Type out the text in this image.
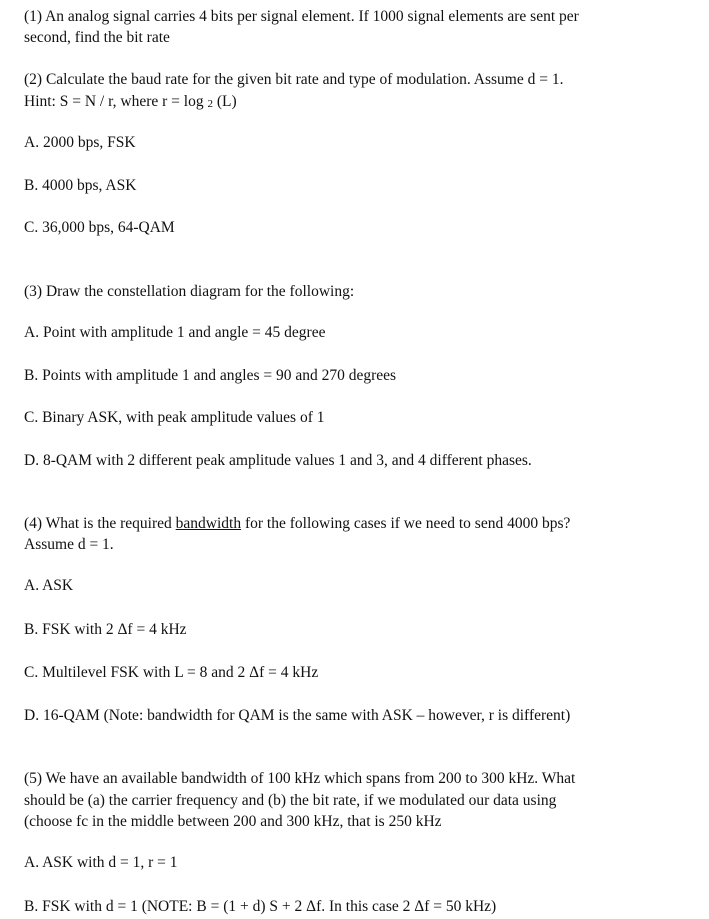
(1) An analog signal carries 4 bits per signal element. If 1000 signal elements are sent per
second, find the bit rate
(2) Calculate the baud rate for the given bit rate and type of modulation. Assume d = 1.
Hint: S = N / r, where r = log 2 (L)
A. 2000 bps, FSK
B. 4000 bps, ASK
C. 36,000 bps, 64-QAM
(3) Draw the constellation diagram for the following:
A. Point with amplitude 1 and angle = 45 degree
B. Points with amplitude 1 and angles = 90 and 270 degrees
C. Binary ASK, with peak amplitude values of 1
D. 8-QAM with 2 different peak amplitude values 1 and 3, and 4 different phases.
(4) What is the required bandwidth for the following cases if we need to send 4000 bps?
Assume d = 1.
A. ASK
B. FSK with 2 Δf = 4 kHz
C. Multilevel FSK with L = 8 and 2 Δf = 4 kHz
D. 16-QAM (Note: bandwidth for QAM is the same with ASK – however, r is different)
(5) We have an available bandwidth of 100 kHz which spans from 200 to 300 kHz. What
should be (a) the carrier frequency and (b) the bit rate, if we modulated our data using
(choose fc in the middle between 200 and 300 kHz, that is 250 kHz
A. ASK with d = 1, r = 1
B. FSK with d = 1 (NOTE: B = (1 + d) S + 2 Δf. In this case 2 Δf = 50 kHz)
